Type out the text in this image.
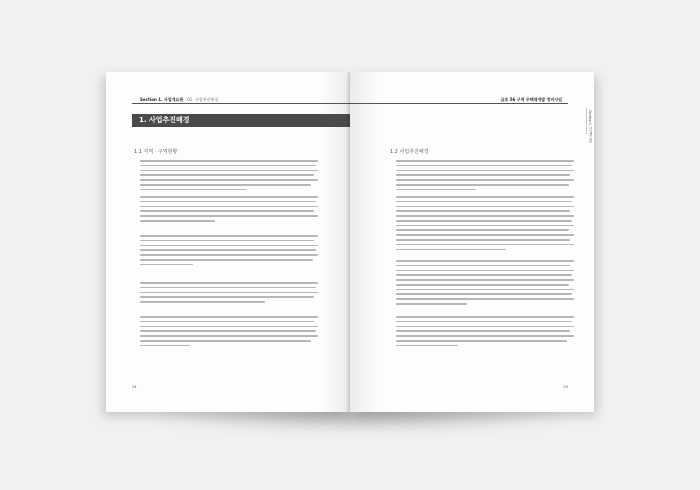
Section 1. 사업개요편 01. 사업추진배경
1. 사업추진배경
1.1 지역 · 구역현황
24
금호 56 구역 주택재개발 정비사업
Section 1. 사업개요편
1.2 사업추진배경
25
